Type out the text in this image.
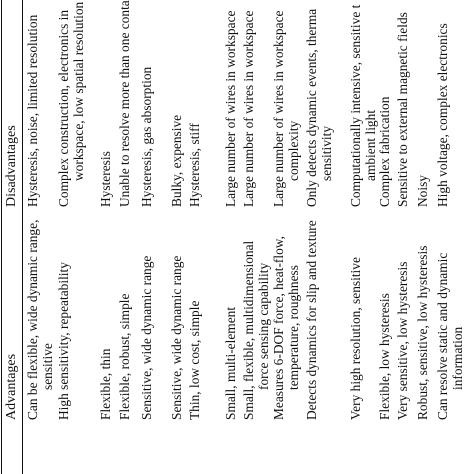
Advantages
Disadvantages
Can be flexible, wide dynamic range, sensitive
Hysteresis, noise, limited resolution
High sensitivity, repeatability
Complex construction, electronics in workspace, low spatial resolution
Flexible, thin
Hysteresis
Flexible, robust, simple
Unable to resolve more than one conta
Sensitive, wide dynamic range
Hysteresis, gas absorption
Sensitive, wide dynamic range
Bulky, expensive
Thin, low cost, simple
Hysteresis, stiff
Small, multi-element
Large number of wires in workspace
Small, flexible, multidimensional force sensing capability
Large number of wires in workspace
Measures 6-DOF force, heat-flow, temperature, roughness
Large number of wires in workspace complexity
Detects dynamics for slip and texture
Only detects dynamic events, therma sensitivity
Very high resolution, sensitive
Computationally intensive, sensitive t ambient light
Flexible, low hysteresis
Complex fabrication
Very sensitive, low hysteresis
Sensitive to external magnetic fields
Robust, sensitive, low hysteresis
Noisy
Can resolve static and dynamic information
High voltage, complex electronics
